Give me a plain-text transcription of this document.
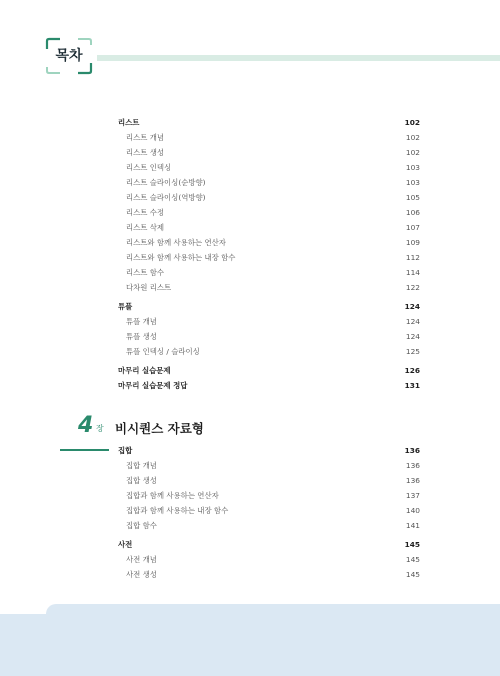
목차
리스트	102
리스트 개념	102
리스트 생성	102
리스트 인덱싱	103
리스트 슬라이싱(순방향)	103
리스트 슬라이싱(역방향)	105
리스트 수정	106
리스트 삭제	107
리스트와 함께 사용하는 연산자	109
리스트와 함께 사용하는 내장 함수	112
리스트 함수	114
다차원 리스트	122
튜플	124
튜플 개념	124
튜플 생성	124
튜플 인덱싱 / 슬라이싱	125
마무리 실습문제	126
마무리 실습문제 정답	131
4 장 비시퀀스 자료형
집합	136
집합 개념	136
집합 생성	136
집합과 함께 사용하는 연산자	137
집합과 함께 사용하는 내장 함수	140
집합 함수	141
사전	145
사전 개념	145
사전 생성	145
